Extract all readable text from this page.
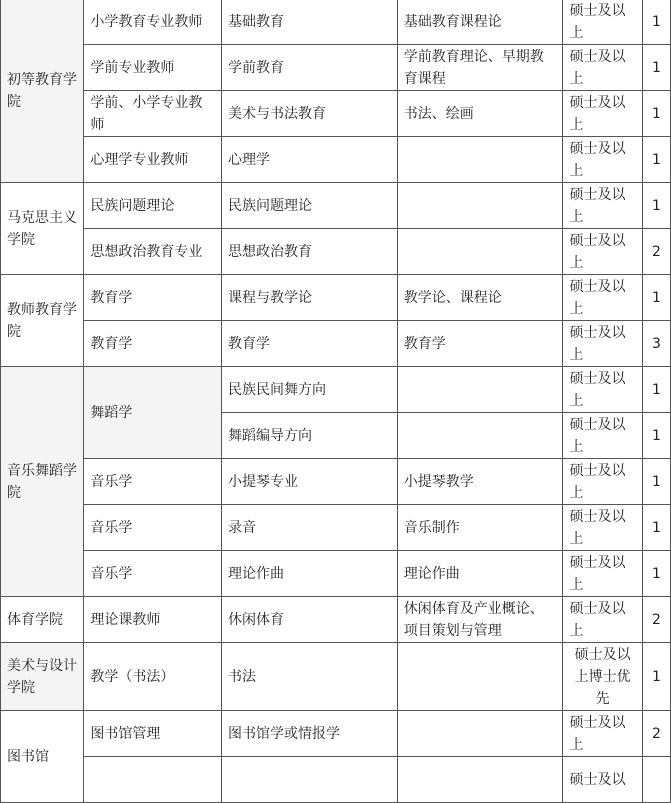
初等教育学院	小学教育专业教师	基础教育	基础教育课程论	硕士及以上	1
	学前专业教师	学前教育	学前教育理论、早期教育课程	硕士及以上	1
	学前、小学专业教师	美术与书法教育	书法、绘画	硕士及以上	1
	心理学专业教师	心理学		硕士及以上	1
马克思主义学院	民族问题理论	民族问题理论		硕士及以上	1
	思想政治教育专业	思想政治教育		硕士及以上	2
教师教育学院	教育学	课程与教学论	教学论、课程论	硕士及以上	1
	教育学	教育学	教育学	硕士及以上	3
音乐舞蹈学院	舞蹈学	民族民间舞方向		硕士及以上	1
		舞蹈编导方向		硕士及以上	1
	音乐学	小提琴专业	小提琴教学	硕士及以上	1
	音乐学	录音	音乐制作	硕士及以上	1
	音乐学	理论作曲	理论作曲	硕士及以上	1
体育学院	理论课教师	休闲体育	休闲体育及产业概论、项目策划与管理	硕士及以上	2
美术与设计学院	教学（书法）	书法		硕士及以上博士优先	1
图书馆	图书馆管理	图书馆学或情报学		硕士及以上	2
				硕士及以	
